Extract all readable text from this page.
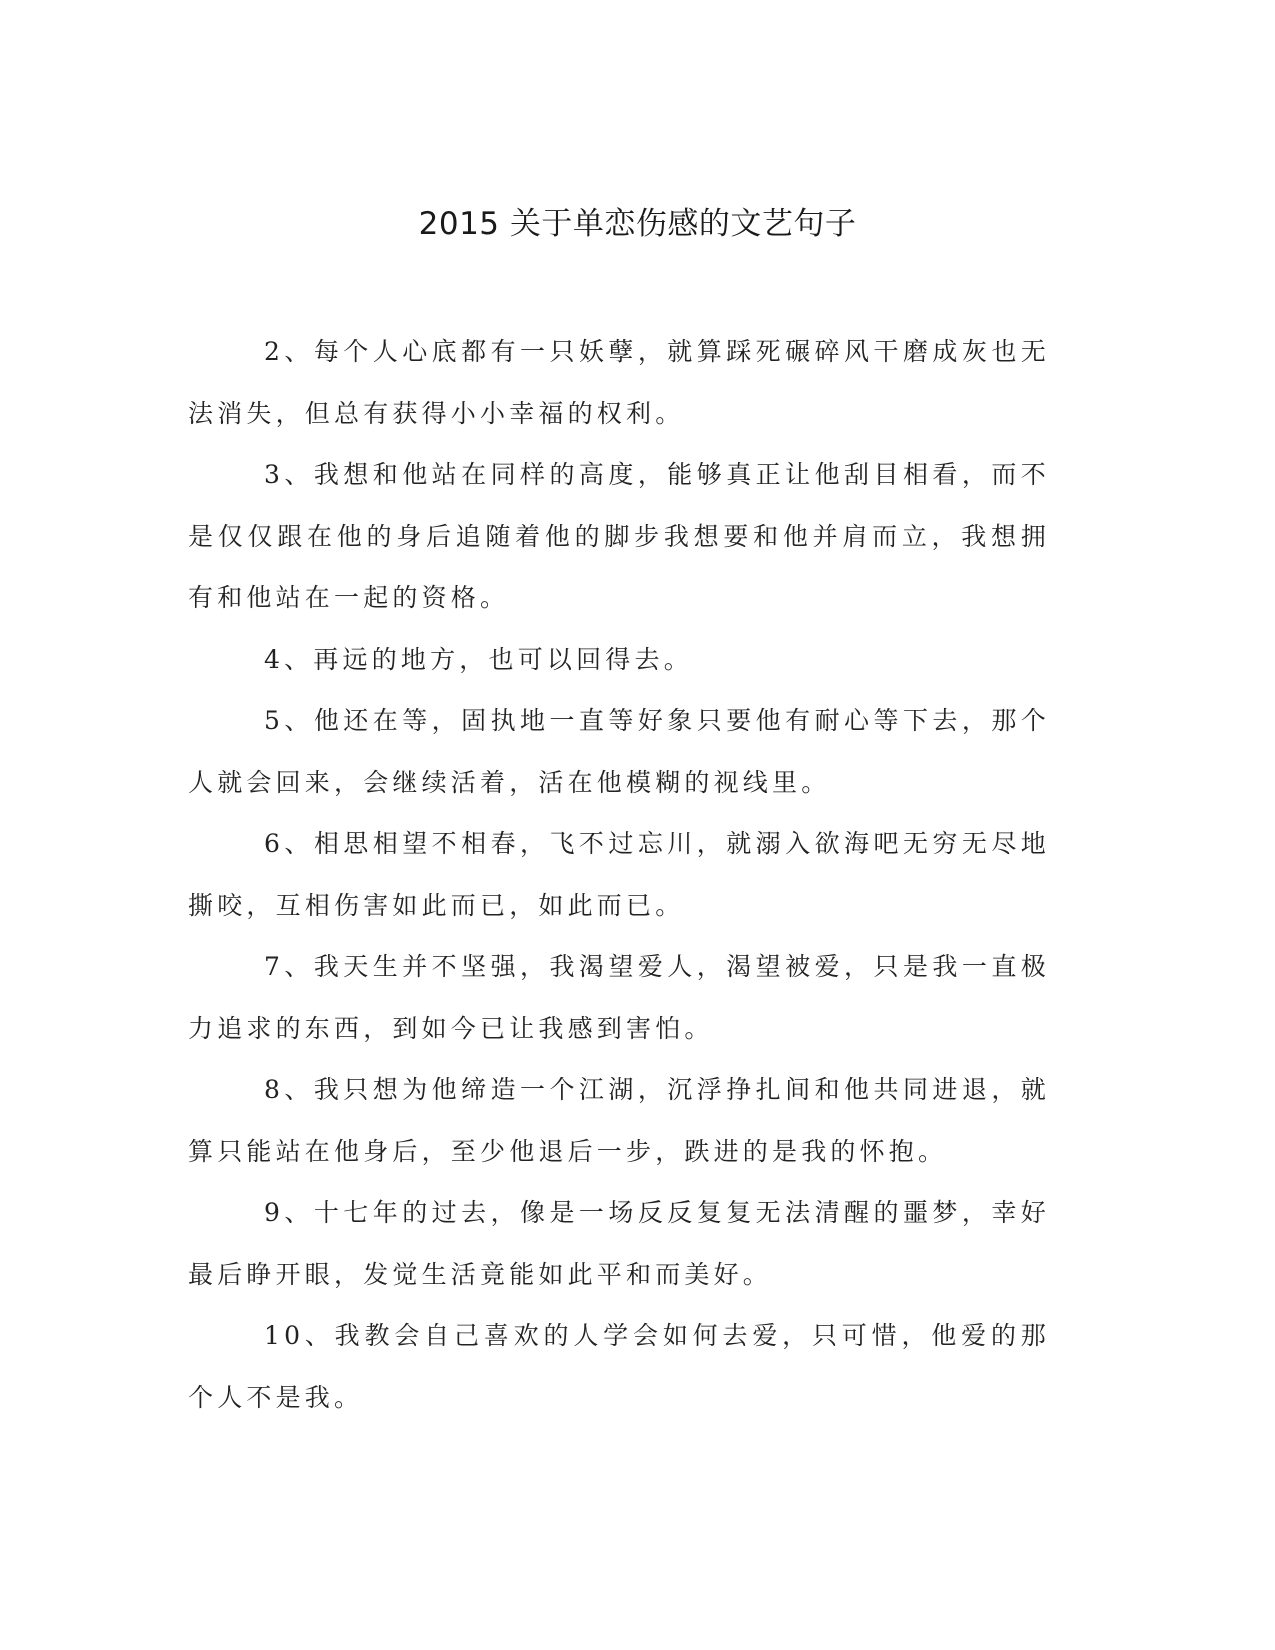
2015 关于单恋伤感的文艺句子

2、每个人心底都有一只妖孽，就算踩死碾碎风干磨成灰也无法消失，但总有获得小小幸福的权利。

3、我想和他站在同样的高度，能够真正让他刮目相看，而不是仅仅跟在他的身后追随着他的脚步我想要和他并肩而立，我想拥有和他站在一起的资格。

4、再远的地方，也可以回得去。

5、他还在等，固执地一直等好象只要他有耐心等下去，那个人就会回来，会继续活着，活在他模糊的视线里。

6、相思相望不相春，飞不过忘川，就溺入欲海吧无穷无尽地撕咬，互相伤害如此而已，如此而已。

7、我天生并不坚强，我渴望爱人，渴望被爱，只是我一直极力追求的东西，到如今已让我感到害怕。

8、我只想为他缔造一个江湖，沉浮挣扎间和他共同进退，就算只能站在他身后，至少他退后一步，跌进的是我的怀抱。

9、十七年的过去，像是一场反反复复无法清醒的噩梦，幸好最后睁开眼，发觉生活竟能如此平和而美好。

10、我教会自己喜欢的人学会如何去爱，只可惜，他爱的那个人不是我。
